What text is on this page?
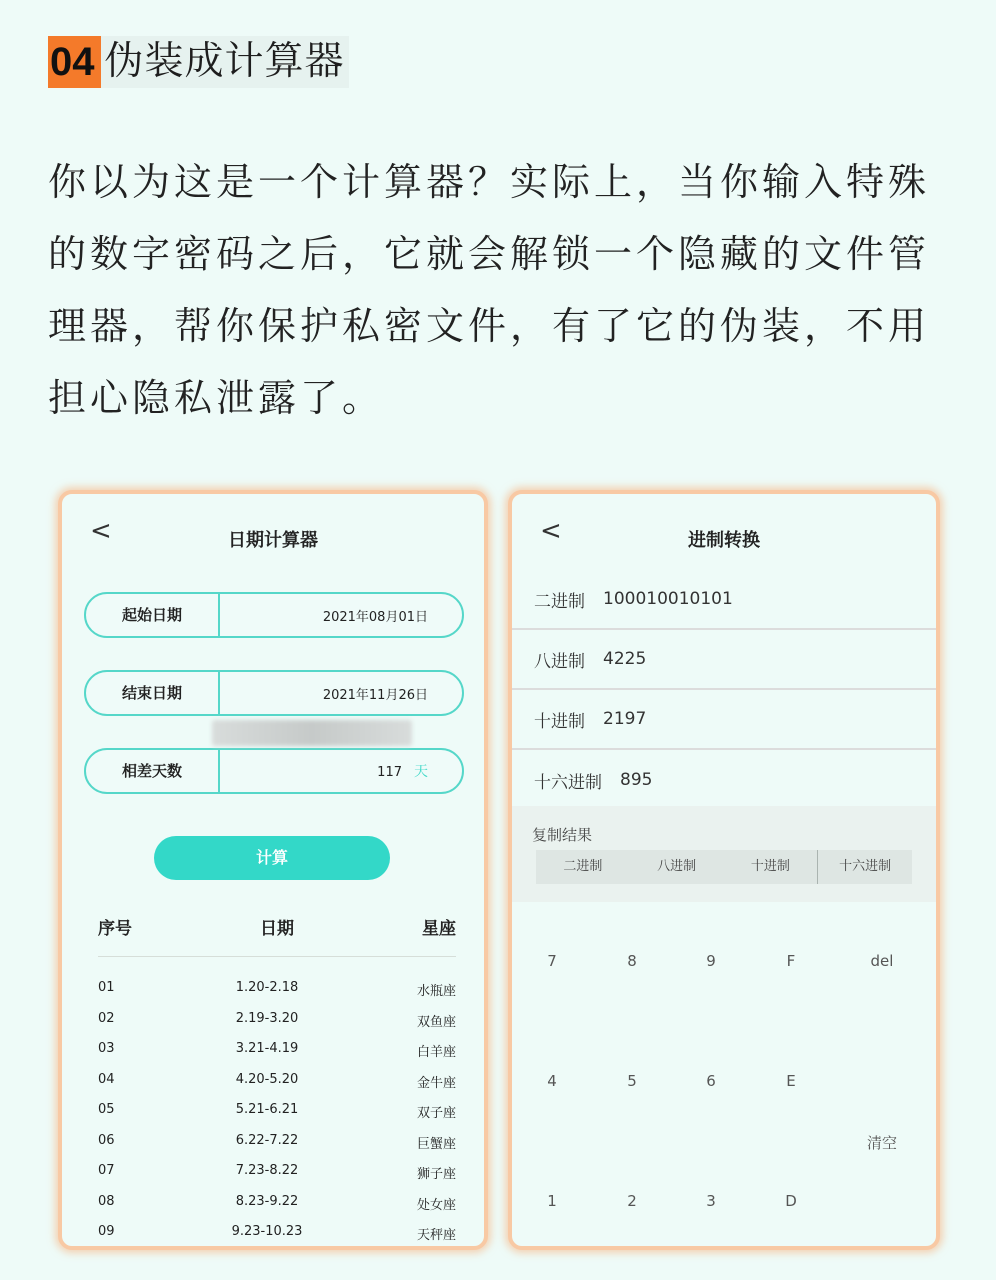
04 伪装成计算器

你以为这是一个计算器？实际上，当你输入特殊的数字密码之后，它就会解锁一个隐藏的文件管理器，帮你保护私密文件，有了它的伪装，不用担心隐私泄露了。

<	日期计算器
起始日期	2021年08月01日
结束日期	2021年11月26日
相差天数	117 天
计算
序号	日期	星座
01	1.20-2.18	水瓶座
02	2.19-3.20	双鱼座
03	3.21-4.19	白羊座
04	4.20-5.20	金牛座
05	5.21-6.21	双子座
06	6.22-7.22	巨蟹座
07	7.23-8.22	狮子座
08	8.23-9.22	处女座
09	9.23-10.23	天秤座
<	进制转换
二进制 100010010101
八进制 4225
十进制 2197
十六进制 895
复制结果
二进制	八进制	十进制	十六进制
7	8	9	F	del
4	5	6	E
清空
1	2	3	D
